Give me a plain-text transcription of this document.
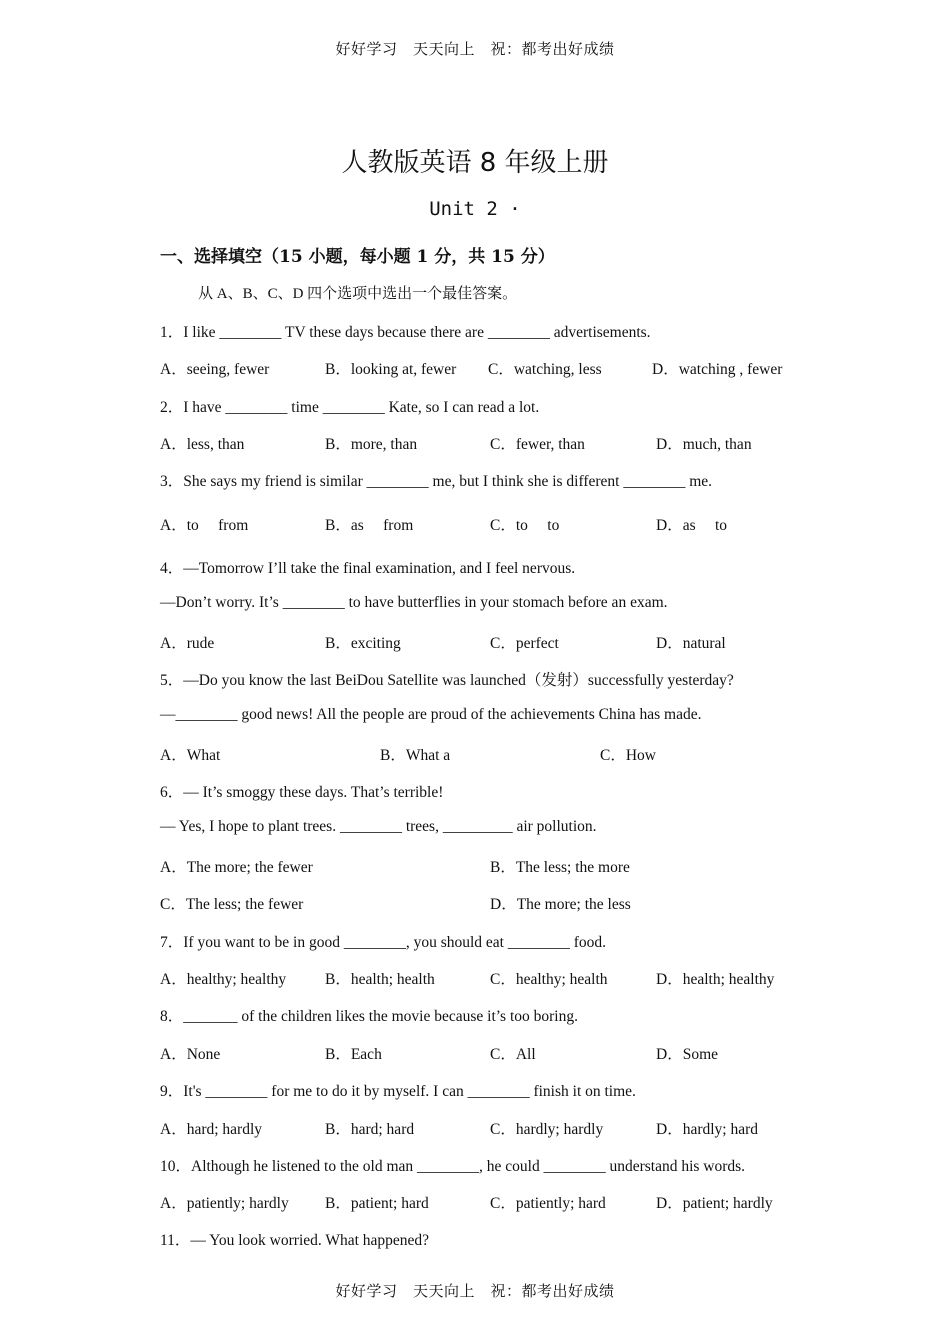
好好学习　天天向上　祝：都考出好成绩
人教版英语 8 年级上册
Unit 2 ·
一、选择填空（15 小题，每小题 1 分，共 15 分）
从 A、B、C、D 四个选项中选出一个最佳答案。
1．I like ________ TV these days because there are ________ advertisements.
A．seeing, fewer	B．looking at, fewer C．watching, less	D．watching , fewer
2．I have ________ time ________ Kate, so I can read a lot.
A．less, than	B．more, than	C．fewer, than	D．much, than
3．She says my friend is similar ________ me, but I think she is different ________ me.
A．to　 from	B．as　 from	C．to　 to	D．as　 to
4．—Tomorrow I’ll take the final examination, and I feel nervous.
—Don’t worry. It’s ________ to have butterflies in your stomach before an exam.
A．rude	B．exciting	C．perfect	D．natural
5．—Do you know the last BeiDou Satellite was launched（发射）successfully yesterday?
—________ good news! All the people are proud of the achievements China has made.
A．What	B．What a	C．How
6．— It’s smoggy these days. That’s terrible!
— Yes, I hope to plant trees. ________ trees, _________ air pollution.
A．The more; the fewer	B．The less; the more
C．The less; the fewer	D．The more; the less
7．If you want to be in good ________, you should eat ________ food.
A．healthy; healthy	B．health; health	C．healthy; health	D．health; healthy
8．_______ of the children likes the movie because it’s too boring.
A．None	B．Each	C．All	D．Some
9．It's ________ for me to do it by myself. I can ________ finish it on time.
A．hard; hardly	B．hard; hard	C．hardly; hardly	D．hardly; hard
10．Although he listened to the old man ________, he could ________ understand his words.
A．patiently; hardly B．patient; hard	C．patiently; hard	D．patient; hardly
11．— You look worried. What happened?
好好学习　天天向上　祝：都考出好成绩
